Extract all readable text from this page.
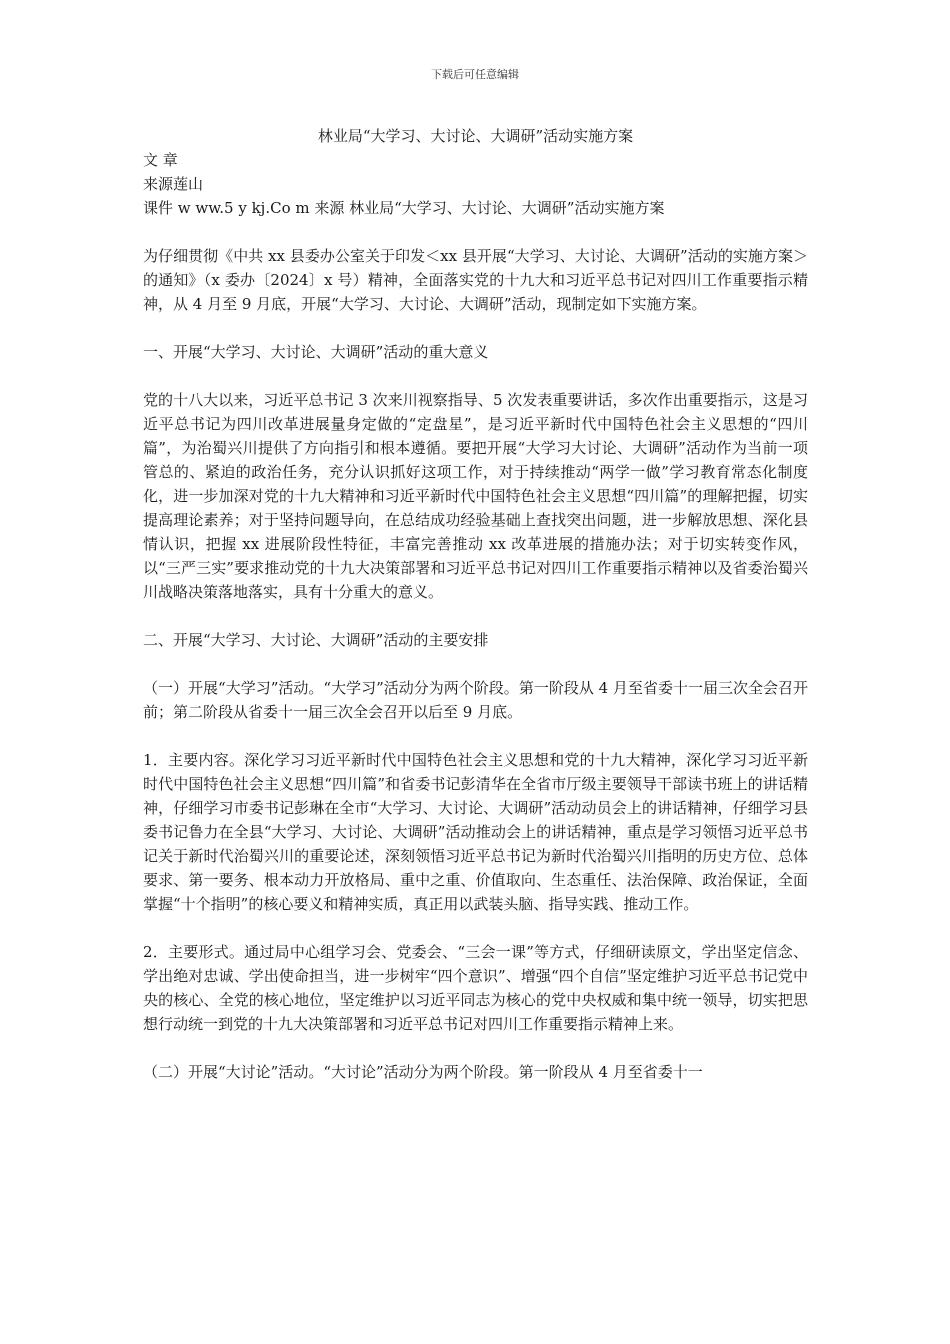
下载后可任意编辑

林业局“大学习、大讨论、大调研”活动实施方案

文 章

来源莲山

课件 w ww.5 y kj.Co m 来源 林业局“大学习、大讨论、大调研”活动实施方案

为仔细贯彻《中共 xx 县委办公室关于印发＜xx 县开展“大学习、大讨论、大调研”活动的实施方案＞的通知》（x 委办〔2024〕x 号）精神，全面落实党的十九大和习近平总书记对四川工作重要指示精神，从 4 月至 9 月底，开展“大学习、大讨论、大调研”活动，现制定如下实施方案。

一、开展“大学习、大讨论、大调研”活动的重大意义

党的十八大以来，习近平总书记 3 次来川视察指导、5 次发表重要讲话，多次作出重要指示，这是习近平总书记为四川改革进展量身定做的“定盘星”，是习近平新时代中国特色社会主义思想的“四川篇”，为治蜀兴川提供了方向指引和根本遵循。要把开展“大学习大讨论、大调研”活动作为当前一项管总的、紧迫的政治任务，充分认识抓好这项工作，对于持续推动“两学一做”学习教育常态化制度化，进一步加深对党的十九大精神和习近平新时代中国特色社会主义思想“四川篇”的理解把握，切实提高理论素养；对于坚持问题导向，在总结成功经验基础上查找突出问题，进一步解放思想、深化县情认识，把握 xx 进展阶段性特征，丰富完善推动 xx 改革进展的措施办法；对于切实转变作风，以“三严三实”要求推动党的十九大决策部署和习近平总书记对四川工作重要指示精神以及省委治蜀兴川战略决策落地落实，具有十分重大的意义。

二、开展“大学习、大讨论、大调研”活动的主要安排

（一）开展“大学习”活动。“大学习”活动分为两个阶段。第一阶段从 4 月至省委十一届三次全会召开前；第二阶段从省委十一届三次全会召开以后至 9 月底。

1．主要内容。深化学习习近平新时代中国特色社会主义思想和党的十九大精神，深化学习习近平新时代中国特色社会主义思想“四川篇”和省委书记彭清华在全省市厅级主要领导干部读书班上的讲话精神，仔细学习市委书记彭琳在全市“大学习、大讨论、大调研”活动动员会上的讲话精神，仔细学习县委书记鲁力在全县“大学习、大讨论、大调研”活动推动会上的讲话精神，重点是学习领悟习近平总书记关于新时代治蜀兴川的重要论述，深刻领悟习近平总书记为新时代治蜀兴川指明的历史方位、总体要求、第一要务、根本动力开放格局、重中之重、价值取向、生态重任、法治保障、政治保证，全面掌握“十个指明”的核心要义和精神实质，真正用以武装头脑、指导实践、推动工作。

2．主要形式。通过局中心组学习会、党委会、“三会一课”等方式，仔细研读原文，学出坚定信念、学出绝对忠诚、学出使命担当，进一步树牢“四个意识”、增强“四个自信”坚定维护习近平总书记党中央的核心、全党的核心地位，坚定维护以习近平同志为核心的党中央权威和集中统一领导，切实把思想行动统一到党的十九大决策部署和习近平总书记对四川工作重要指示精神上来。

（二）开展“大讨论”活动。“大讨论”活动分为两个阶段。第一阶段从 4 月至省委十一
